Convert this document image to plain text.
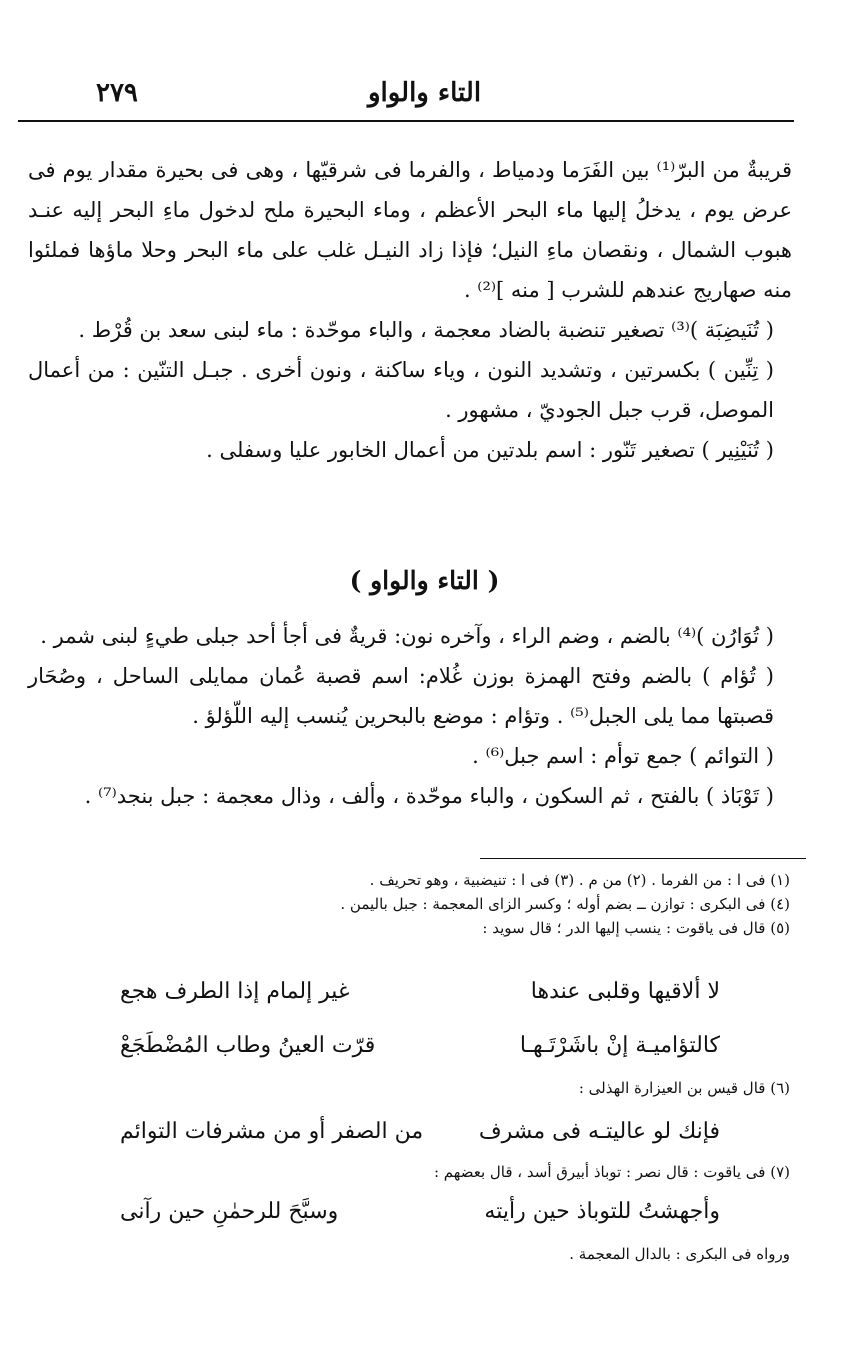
التاء والواو
٢٧٩

قريبةٌ من البرّ⁽¹⁾ بين الفَرَما ودمياط ، والفرما فى شرقيّها ، وهى فى بحيرة مقدار يوم فى عرض يوم ، يدخلُ إليها ماء البحر الأعظم ، وماء البحيرة ملح لدخول ماءِ البحر إليه عنـد هبوب الشمال ، ونقصان ماءِ النيل؛ فإذا زاد النيـل غلب على ماء البحر وحلا ماؤها فملئوا منه صهاريج عندهم للشرب [ منه ]⁽²⁾ .

( تُنَيضِبَة )⁽³⁾ تصغير تنضبة بالضاد معجمة ، والباء موحّدة : ماء لبنى سعد بن قُرْط .

( تِنِّين ) بكسرتين ، وتشديد النون ، وياء ساكنة ، ونون أخرى . جبـل التنّين : من أعمال الموصل، قرب جبل الجوديّ ، مشهور .

( تُنَيْنِير ) تصغير تَنّور : اسم بلدتين من أعمال الخابور عليا وسفلى .

( التاء والواو )

( تُوَارُن )⁽⁴⁾ بالضم ، وضم الراء ، وآخره نون: قريةٌ فى أجأ أحد جبلى طيءٍ لبنى شمر .

( تُؤام ) بالضم وفتح الهمزة بوزن غُلام: اسم قصبة عُمان ممايلى الساحل ، وصُحَار قصبتها مما يلى الجبل⁽⁵⁾ . وتؤام : موضع بالبحرين يُنسب إليه اللّؤلؤ .

( التوائم ) جمع توأم : اسم جبل⁽⁶⁾ .

( تَوْبَاذ ) بالفتح ، ثم السكون ، والباء موحّدة ، وألف ، وذال معجمة : جبل بنجد⁽⁷⁾ .

(١) فى ا : من الفرما . (٢) من م . (٣) فى ا : تنيضبية ، وهو تحريف .

(٤) فى البكرى : توازن ــ بضم أوله ؛ وكسر الزاى المعجمة : جبل باليمن .

(٥) قال فى ياقوت : ينسب إليها الدر ؛ قال سويد :

لا ألاقيها وقلبى عندها
غير إلمام إذا الطرف هجع
كالتؤاميـة إنْ باشَرْتَـهـا
قرّت العينُ وطاب المُضْطَجَعْ
(٦) قال قيس بن العيزارة الهذلى :
فإنك لو عاليتـه فى مشرف
من الصفر أو من مشرفات التوائم
(٧) فى ياقوت : قال نصر : توباذ أبيرق أسد ، قال بعضهم :
وأجهشتُ للتوباذ حين رأيته
وسبَّحَ للرحمٰنِ حين رآنى
ورواه فى البكرى : بالدال المعجمة .
